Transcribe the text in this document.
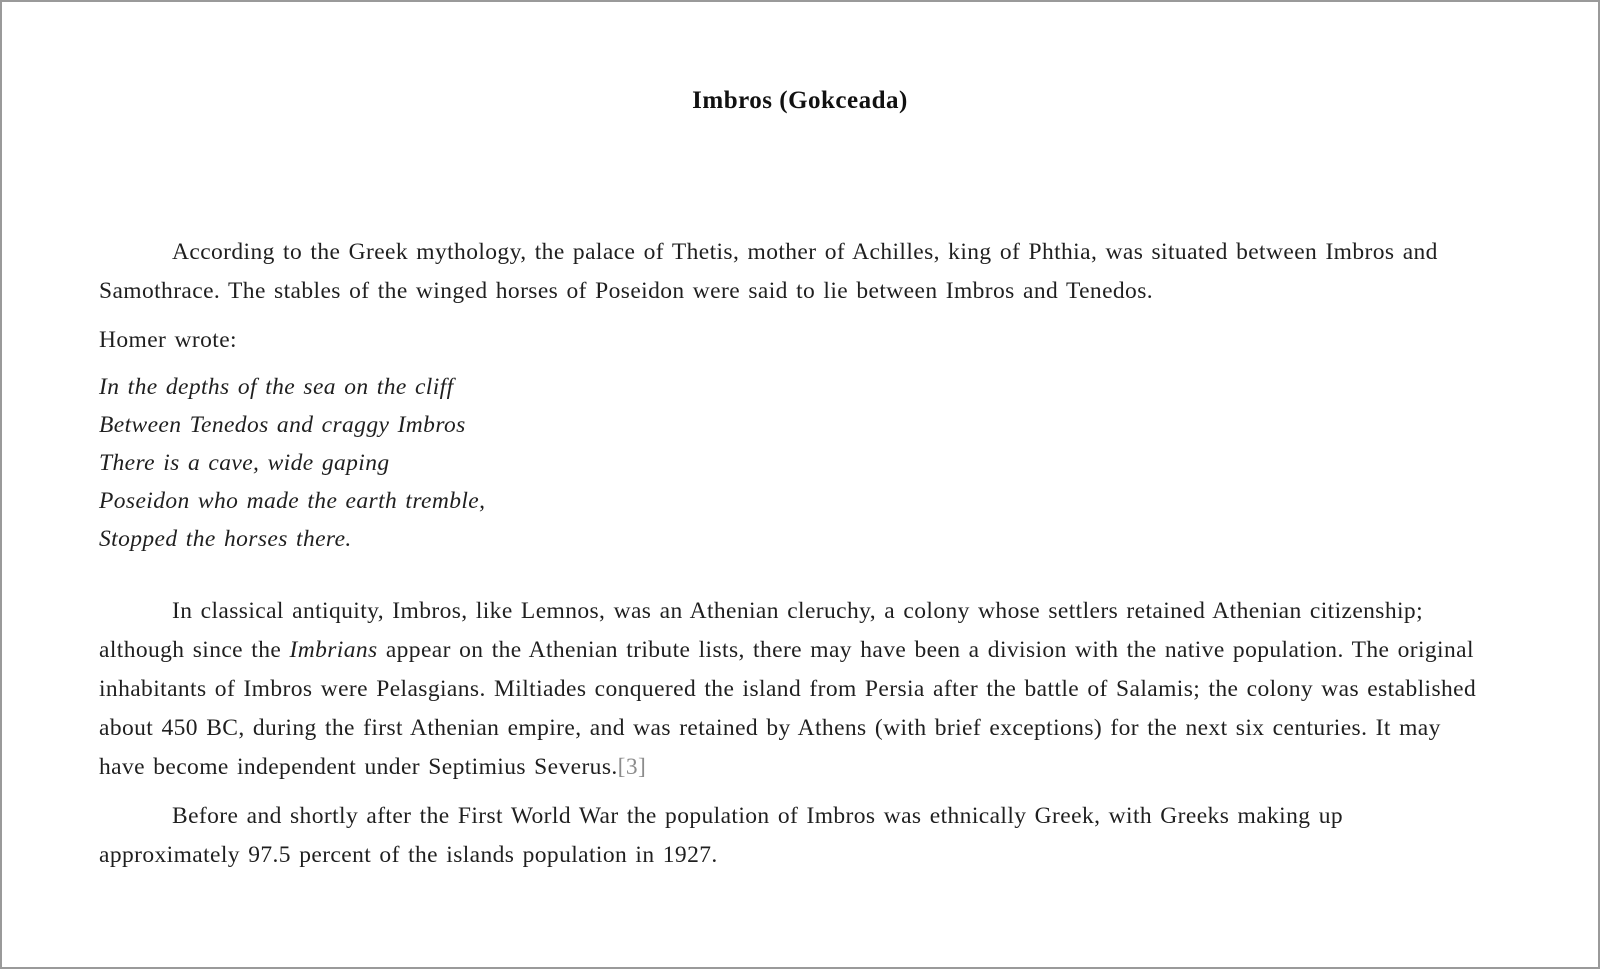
Imbros (Gokceada)

According to the Greek mythology, the palace of Thetis, mother of Achilles, king of Phthia, was situated between Imbros and Samothrace. The stables of the winged horses of Poseidon were said to lie between Imbros and Tenedos.

Homer wrote:

In the depths of the sea on the cliff

Between Tenedos and craggy Imbros

There is a cave, wide gaping

Poseidon who made the earth tremble,

Stopped the horses there.

In classical antiquity, Imbros, like Lemnos, was an Athenian cleruchy, a colony whose settlers retained Athenian citizenship; although since the Imbrians appear on the Athenian tribute lists, there may have been a division with the native population. The original inhabitants of Imbros were Pelasgians. Miltiades conquered the island from Persia after the battle of Salamis; the colony was established about 450 BC, during the first Athenian empire, and was retained by Athens (with brief exceptions) for the next six centuries. It may have become independent under Septimius Severus.[3]

Before and shortly after the First World War the population of Imbros was ethnically Greek, with Greeks making up approximately 97.5 percent of the islands population in 1927.
